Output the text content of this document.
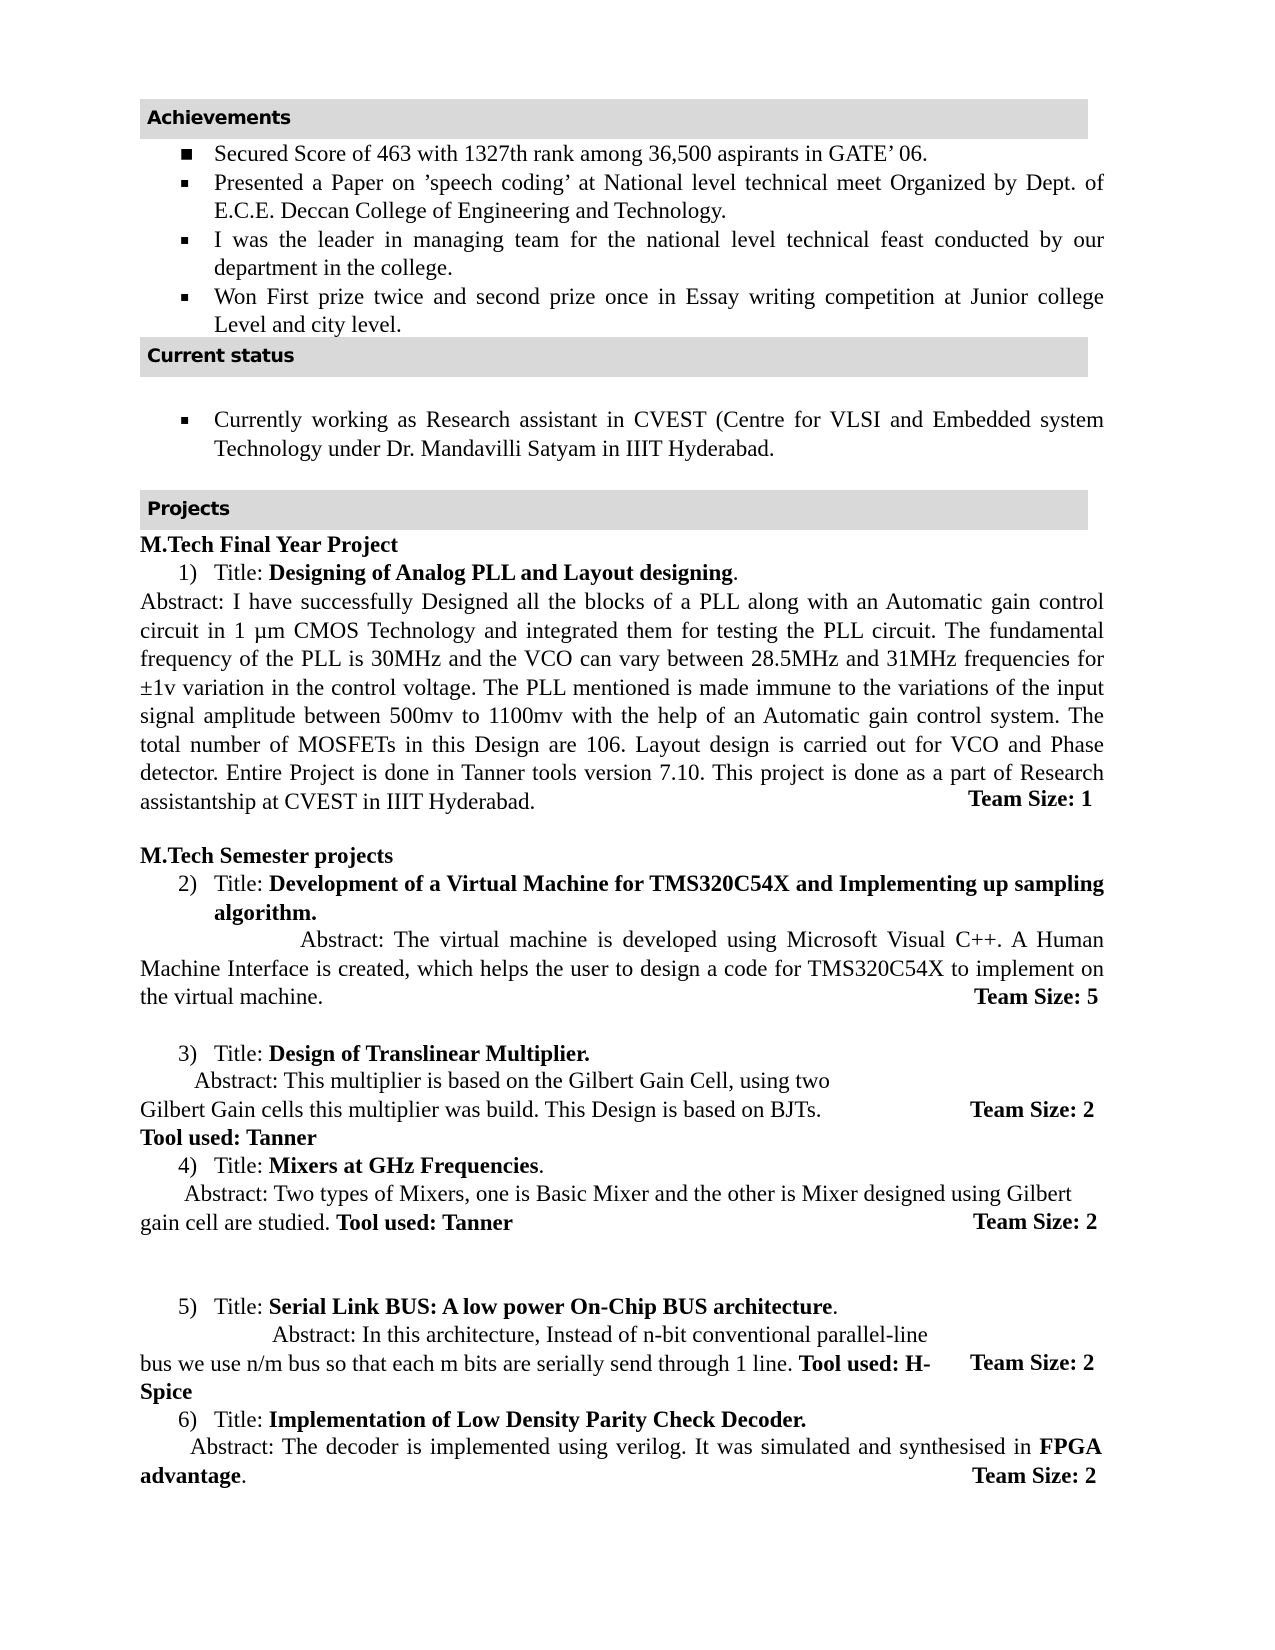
Achievements
■ Secured Score of 463 with 1327th rank among 36,500 aspirants in GATE’ 06.
▪ Presented a Paper on ’speech coding’ at National level technical meet Organized by Dept. of E.C.E. Deccan College of Engineering and Technology.
▪ I was the leader in managing team for the national level technical feast conducted by our department in the college.
▪ Won First prize twice and second prize once in Essay writing competition at Junior college Level and city level.
Current status
▪ Currently working as Research assistant in CVEST (Centre for VLSI and Embedded system Technology under Dr. Mandavilli Satyam in IIIT Hyderabad.
Projects
M.Tech Final Year Project
1) Title: Designing of Analog PLL and Layout designing.

Abstract: I have successfully Designed all the blocks of a PLL along with an Automatic gain control circuit in 1 µm CMOS Technology and integrated them for testing the PLL circuit. The fundamental frequency of the PLL is 30MHz and the VCO can vary between 28.5MHz and 31MHz frequencies for ±1v variation in the control voltage. The PLL mentioned is made immune to the variations of the input signal amplitude between 500mv to 1100mv with the help of an Automatic gain control system. The total number of MOSFETs in this Design are 106. Layout design is carried out for VCO and Phase detector. Entire Project is done in Tanner tools version 7.10. This project is done as a part of Research assistantship at CVEST in IIIT Hyderabad.	Team Size: 1
M.Tech Semester projects
2) Title: Development of a Virtual Machine for TMS320C54X and Implementing up sampling algorithm.

Abstract: The virtual machine is developed using Microsoft Visual C++. A Human Machine Interface is created, which helps the user to design a code for TMS320C54X to implement on the virtual machine.	Team Size: 5
3) Title: Design of Translinear Multiplier.

Abstract: This multiplier is based on the Gilbert Gain Cell, using two Gilbert Gain cells this multiplier was build. This Design is based on BJTs. Tool used: Tanner

Team Size: 2
4) Title: Mixers at GHz Frequencies.

Abstract: Two types of Mixers, one is Basic Mixer and the other is Mixer designed using Gilbert gain cell are studied. Tool used: Tanner	Team Size: 2
5) Title: Serial Link BUS: A low power On-Chip BUS architecture.

Abstract: In this architecture, Instead of n-bit conventional parallel-line bus we use n/m bus so that each m bits are serially send through 1 line. Tool used: H-Spice

Team Size: 2
6) Title: Implementation of Low Density Parity Check Decoder.

Abstract: The decoder is implemented using verilog. It was simulated and synthesised in FPGA advantage.	Team Size: 2
